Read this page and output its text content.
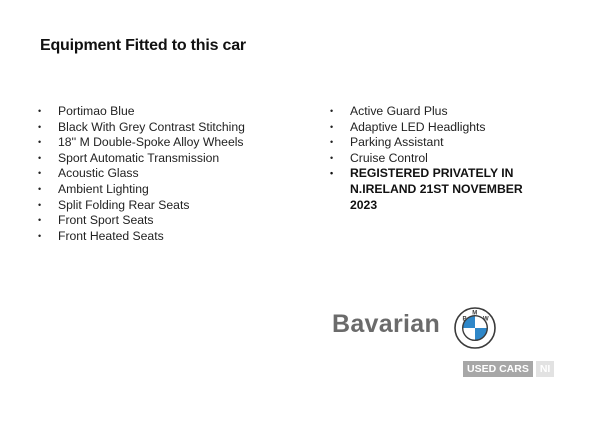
Equipment Fitted to this car
• Portimao Blue
• Black With Grey Contrast Stitching
• 18'' M Double-Spoke Alloy Wheels
• Sport Automatic Transmission
• Acoustic Glass
• Ambient Lighting
• Split Folding Rear Seats
• Front Sport Seats
• Front Heated Seats
• Active Guard Plus
• Adaptive LED Headlights
• Parking Assistant
• Cruise Control
• REGISTERED PRIVATELY IN N.IRELAND 21ST NOVEMBER 2023
Bavarian	B
M
W
USED CARS	NI
